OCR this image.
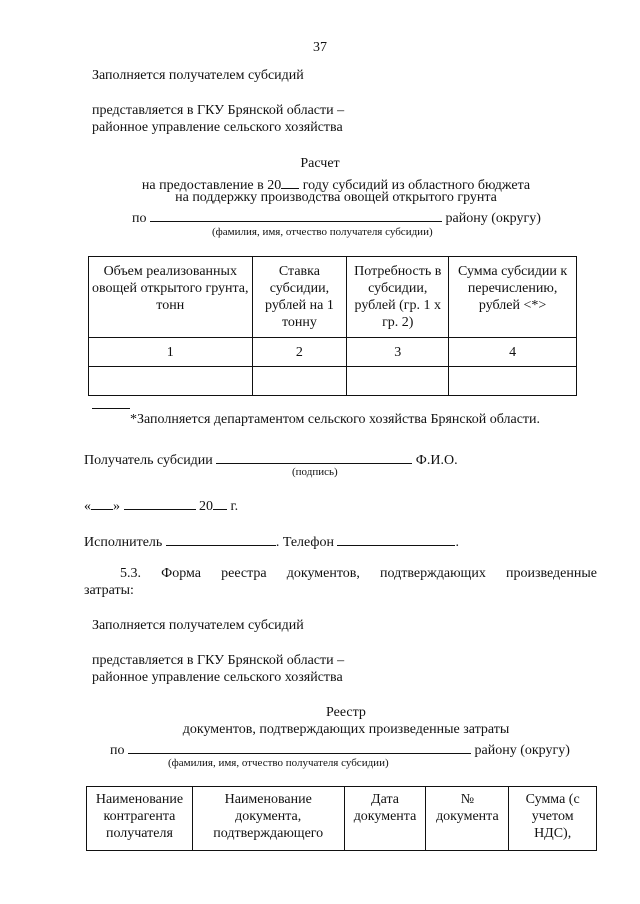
37
Заполняется получателем субсидий
представляется в ГКУ Брянской области –
районное управление сельского хозяйства
Расчет
на предоставление в 20 году субсидий из областного бюджета
на поддержку производства овощей открытого грунта
по	району (округу)
(фамилия, имя, отчество получателя субсидии)
Объем реализованных овощей открытого грунта, тонн	Ставка субсидии, рублей на 1 тонну	Потребность в субсидии, рублей (гр. 1 х гр. 2)	Сумма субсидии к перечислению, рублей <*>
1	2	3	4

*Заполняется департаментом сельского хозяйства Брянской области.
Получатель субсидии	Ф.И.О.
(подпись)
« »	20 г.
Исполнитель	. Телефон	.
5.3. Форма реестра документов, подтверждающих произведенные
затраты:
Заполняется получателем субсидий
представляется в ГКУ Брянской области –
районное управление сельского хозяйства
Реестр
документов, подтверждающих произведенные затраты
по	району (округу)
(фамилия, имя, отчество получателя субсидии)
Наименование контрагента получателя	Наименование документа, подтверждающего	Дата документа	№ документа	Сумма (с учетом НДС),
